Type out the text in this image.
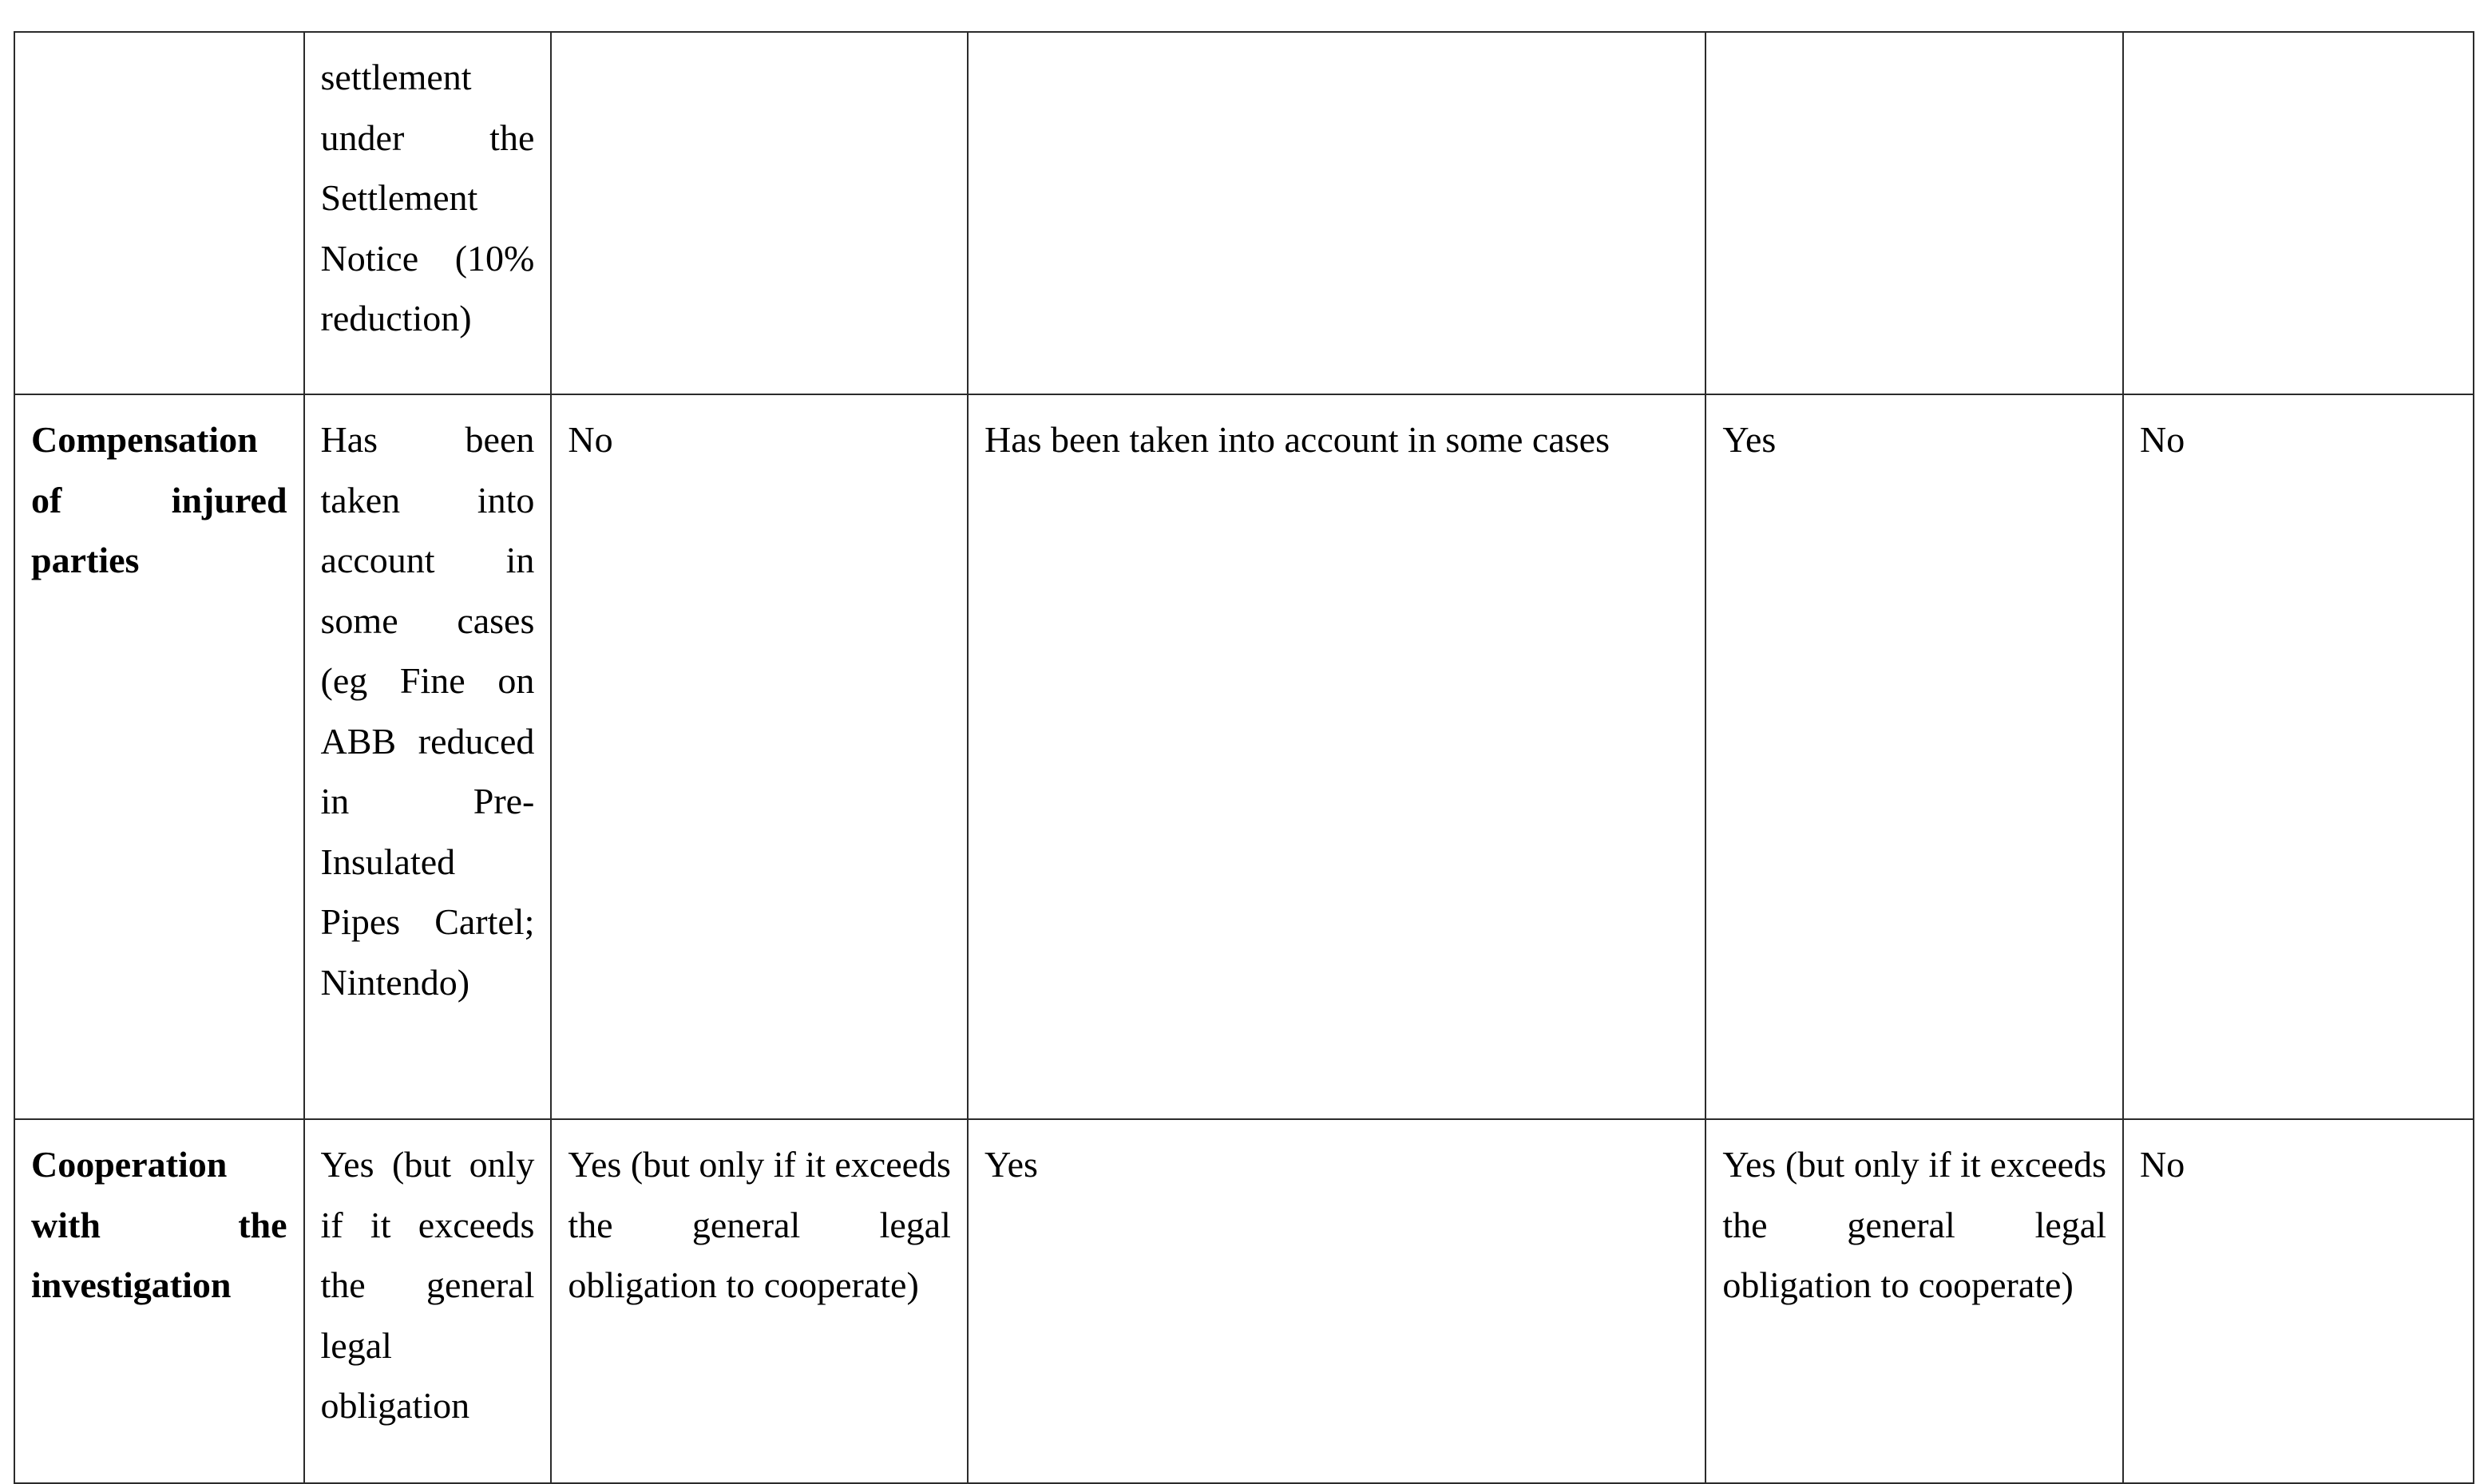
	settlement under the Settlement Notice (10% reduction)				
Compensation of injured parties	Has been taken into account in some cases (eg Fine on ABB reduced in Pre-Insulated Pipes Cartel; Nintendo)	No	Has been taken into account in some cases	Yes	No
Cooperation with the investigation	Yes (but only if it exceeds the general legal obligation	Yes (but only if it exceeds the general legal obligation to cooperate)	Yes	Yes (but only if it exceeds the general legal obligation to cooperate)	No
